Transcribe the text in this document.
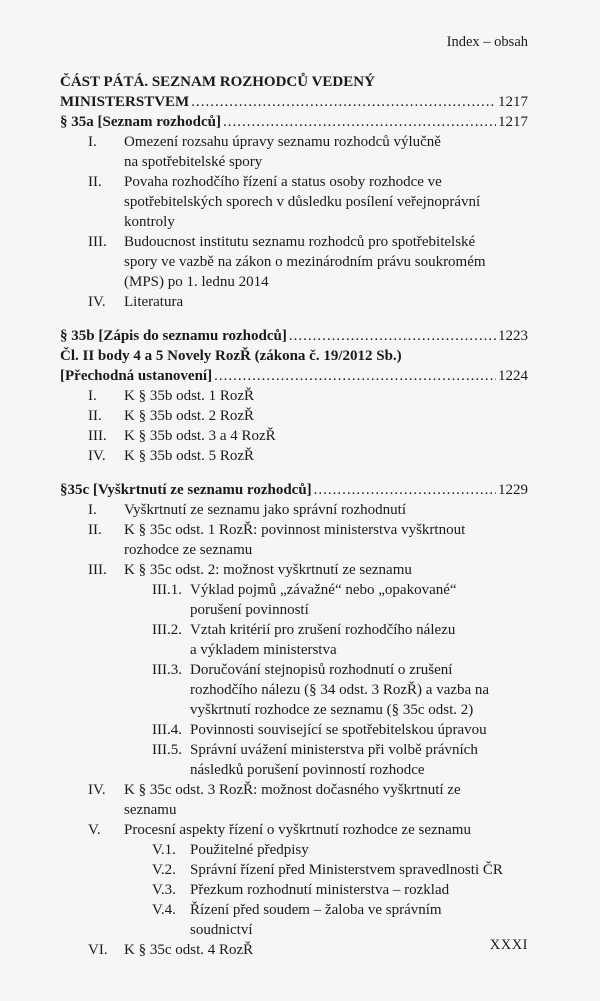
Index – obsah
ČÁST PÁTÁ. SEZNAM ROZHODCŮ VEDENÝ
MINISTERSTVEM .....	1217
§ 35a [Seznam rozhodců] .....	1217
I. Omezení rozsahu úpravy seznamu rozhodců výlučně
na spotřebitelské spory
II. Povaha rozhodčího řízení a status osoby rozhodce ve
spotřebitelských sporech v důsledku posílení veřejnoprávní
kontroly
III. Budoucnost institutu seznamu rozhodců pro spotřebitelské
spory ve vazbě na zákon o mezinárodním právu soukromém
(MPS) po 1. lednu 2014
IV. Literatura
§ 35b [Zápis do seznamu rozhodců] .....	1223
Čl. II body 4 a 5 Novely RozŘ (zákona č. 19/2012 Sb.)
[Přechodná ustanovení] .....	1224
I. K § 35b odst. 1 RozŘ
II. K § 35b odst. 2 RozŘ
III. K § 35b odst. 3 a 4 RozŘ
IV. K § 35b odst. 5 RozŘ
§35c [Vyškrtnutí ze seznamu rozhodců] .....	1229
I. Vyškrtnutí ze seznamu jako správní rozhodnutí
II. K § 35c odst. 1 RozŘ: povinnost ministerstva vyškrtnout
rozhodce ze seznamu
III. K § 35c odst. 2: možnost vyškrtnutí ze seznamu
III.1. Výklad pojmů „závažné“ nebo „opakované“
porušení povinností
III.2. Vztah kritérií pro zrušení rozhodčího nálezu
a výkladem ministerstva
III.3. Doručování stejnopisů rozhodnutí o zrušení
rozhodčího nálezu (§ 34 odst. 3 RozŘ) a vazba na
vyškrtnutí rozhodce ze seznamu (§ 35c odst. 2)
III.4. Povinnosti související se spotřebitelskou úpravou
III.5. Správní uvážení ministerstva při volbě právních
následků porušení povinností rozhodce
IV. K § 35c odst. 3 RozŘ: možnost dočasného vyškrtnutí ze
seznamu
V. Procesní aspekty řízení o vyškrtnutí rozhodce ze seznamu
V.1. Použitelné předpisy
V.2. Správní řízení před Ministerstvem spravedlnosti ČR
V.3. Přezkum rozhodnutí ministerstva – rozklad
V.4. Řízení před soudem – žaloba ve správním
soudnictví
VI. K § 35c odst. 4 RozŘ	XXXI
